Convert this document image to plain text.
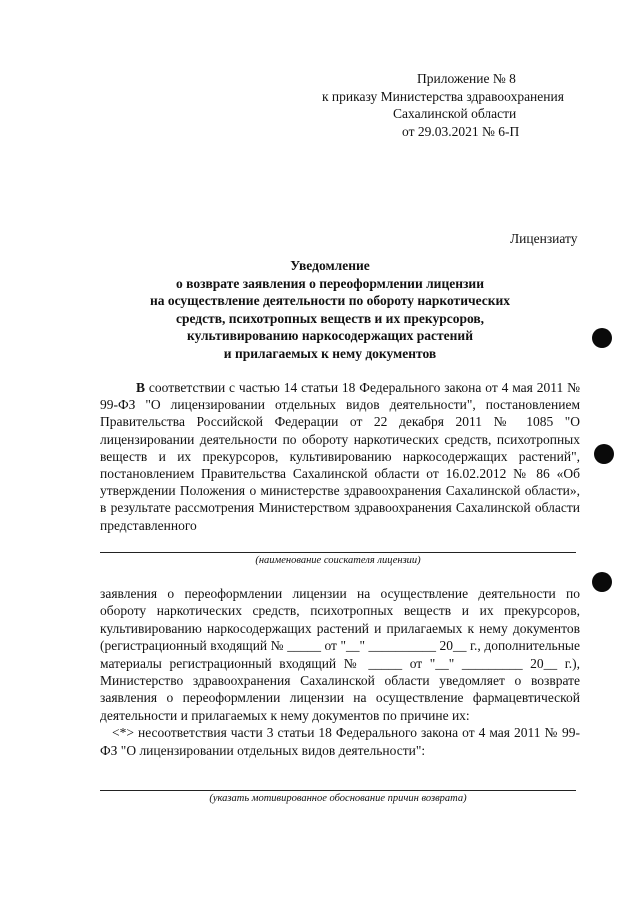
Приложение № 8
к приказу Министерства здравоохранения
Сахалинской области
от 29.03.2021 № 6-П
Лицензиату
Уведомление
о возврате заявления о переоформлении лицензии
на осуществление деятельности по обороту наркотических
средств, психотропных веществ и их прекурсоров,
культивированию наркосодержащих растений
и прилагаемых к нему документов

В соответствии с частью 14 статьи 18 Федерального закона от 4 мая 2011 № 99-ФЗ "О лицензировании отдельных видов деятельности", постановлением Правительства Российской Федерации от 22 декабря 2011 № 1085 "О лицензировании деятельности по обороту наркотических средств, психотропных веществ и их прекурсоров, культивированию наркосодержащих растений", постановлением Правительства Сахалинской области от 16.02.2012 № 86 «Об утверждении Положения о министерстве здравоохранения Сахалинской области», в результате рассмотрения Министерством здравоохранения Сахалинской области представленного

(наименование соискателя лицензии)

заявления о переоформлении лицензии на осуществление деятельности по обороту наркотических средств, психотропных веществ и их прекурсоров, культивированию наркосодержащих растений и прилагаемых к нему документов (регистрационный входящий № _____ от "__" __________ 20__ г., дополнительные материалы регистрационный входящий № _____ от "__" _________ 20__ г.), Министерство здравоохранения Сахалинской области уведомляет о возврате заявления о переоформлении лицензии на осуществление фармацевтической деятельности и прилагаемых к нему документов по причине их:

<*> несоответствия части 3 статьи 18 Федерального закона от 4 мая 2011 № 99-ФЗ "О лицензировании отдельных видов деятельности":

(указать мотивированное обоснование причин возврата)
